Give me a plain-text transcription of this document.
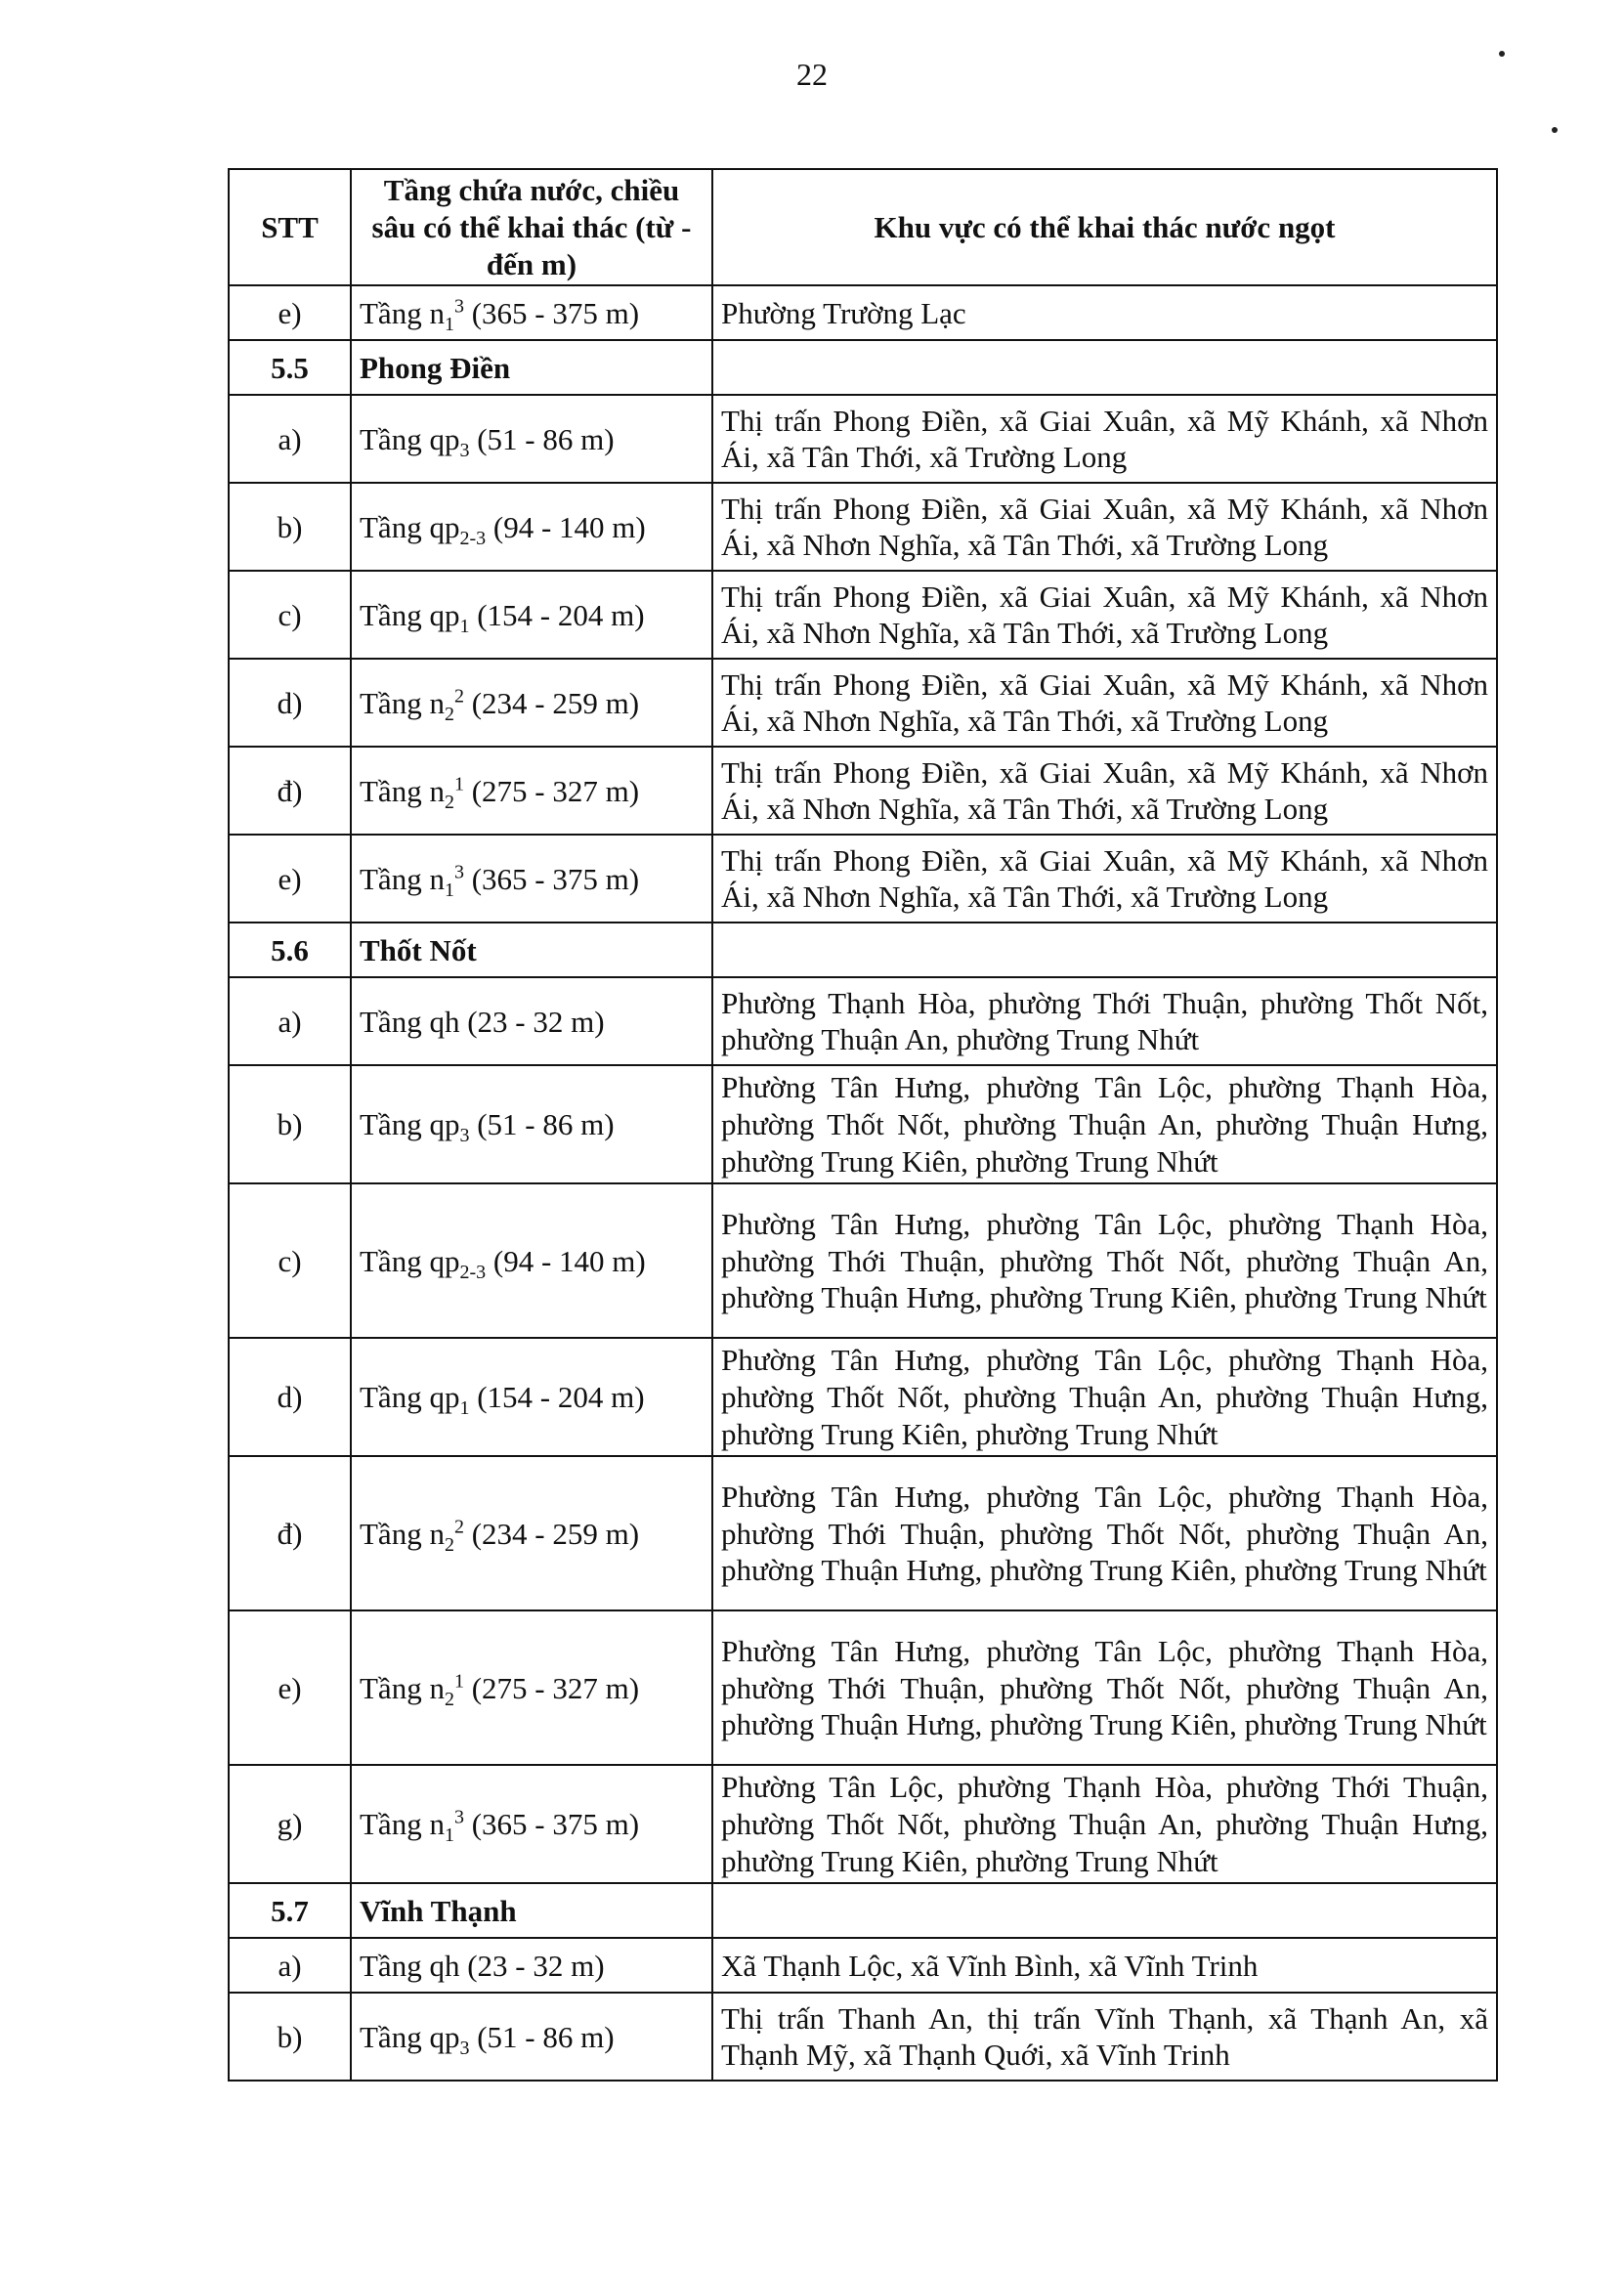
22
STT	Tầng chứa nước, chiều sâu có thể khai thác (từ - đến m)	Khu vực có thể khai thác nước ngọt
e)	Tầng $n_1^3$ (365 - 375 m)	Phường Trường Lạc
5.5	Phong Điền	
a)	Tầng $qp_3$ (51 - 86 m)	Thị trấn Phong Điền, xã Giai Xuân, xã Mỹ Khánh, xã Nhơn Ái, xã Tân Thới, xã Trường Long
b)	Tầng $qp_{2-3}$ (94 - 140 m)	Thị trấn Phong Điền, xã Giai Xuân, xã Mỹ Khánh, xã Nhơn Ái, xã Nhơn Nghĩa, xã Tân Thới, xã Trường Long
c)	Tầng $qp_1$ (154 - 204 m)	Thị trấn Phong Điền, xã Giai Xuân, xã Mỹ Khánh, xã Nhơn Ái, xã Nhơn Nghĩa, xã Tân Thới, xã Trường Long
d)	Tầng $n_2^2$ (234 - 259 m)	Thị trấn Phong Điền, xã Giai Xuân, xã Mỹ Khánh, xã Nhơn Ái, xã Nhơn Nghĩa, xã Tân Thới, xã Trường Long
đ)	Tầng $n_2^1$ (275 - 327 m)	Thị trấn Phong Điền, xã Giai Xuân, xã Mỹ Khánh, xã Nhơn Ái, xã Nhơn Nghĩa, xã Tân Thới, xã Trường Long
e)	Tầng $n_1^3$ (365 - 375 m)	Thị trấn Phong Điền, xã Giai Xuân, xã Mỹ Khánh, xã Nhơn Ái, xã Nhơn Nghĩa, xã Tân Thới, xã Trường Long
5.6	Thốt Nốt	
a)	Tầng qh (23 - 32 m)	Phường Thạnh Hòa, phường Thới Thuận, phường Thốt Nốt, phường Thuận An, phường Trung Nhứt
b)	Tầng $qp_3$ (51 - 86 m)	Phường Tân Hưng, phường Tân Lộc, phường Thạnh Hòa, phường Thốt Nốt, phường Thuận An, phường Thuận Hưng, phường Trung Kiên, phường Trung Nhứt
c)	Tầng $qp_{2-3}$ (94 - 140 m)	Phường Tân Hưng, phường Tân Lộc, phường Thạnh Hòa, phường Thới Thuận, phường Thốt Nốt, phường Thuận An, phường Thuận Hưng, phường Trung Kiên, phường Trung Nhứt
d)	Tầng $qp_1$ (154 - 204 m)	Phường Tân Hưng, phường Tân Lộc, phường Thạnh Hòa, phường Thốt Nốt, phường Thuận An, phường Thuận Hưng, phường Trung Kiên, phường Trung Nhứt
đ)	Tầng $n_2^2$ (234 - 259 m)	Phường Tân Hưng, phường Tân Lộc, phường Thạnh Hòa, phường Thới Thuận, phường Thốt Nốt, phường Thuận An, phường Thuận Hưng, phường Trung Kiên, phường Trung Nhứt
e)	Tầng $n_2^1$ (275 - 327 m)	Phường Tân Hưng, phường Tân Lộc, phường Thạnh Hòa, phường Thới Thuận, phường Thốt Nốt, phường Thuận An, phường Thuận Hưng, phường Trung Kiên, phường Trung Nhứt
g)	Tầng $n_1^3$ (365 - 375 m)	Phường Tân Lộc, phường Thạnh Hòa, phường Thới Thuận, phường Thốt Nốt, phường Thuận An, phường Thuận Hưng, phường Trung Kiên, phường Trung Nhứt
5.7	Vĩnh Thạnh	
a)	Tầng qh (23 - 32 m)	Xã Thạnh Lộc, xã Vĩnh Bình, xã Vĩnh Trinh
b)	Tầng $qp_3$ (51 - 86 m)	Thị trấn Thanh An, thị trấn Vĩnh Thạnh, xã Thạnh An, xã Thạnh Mỹ, xã Thạnh Quới, xã Vĩnh Trinh
